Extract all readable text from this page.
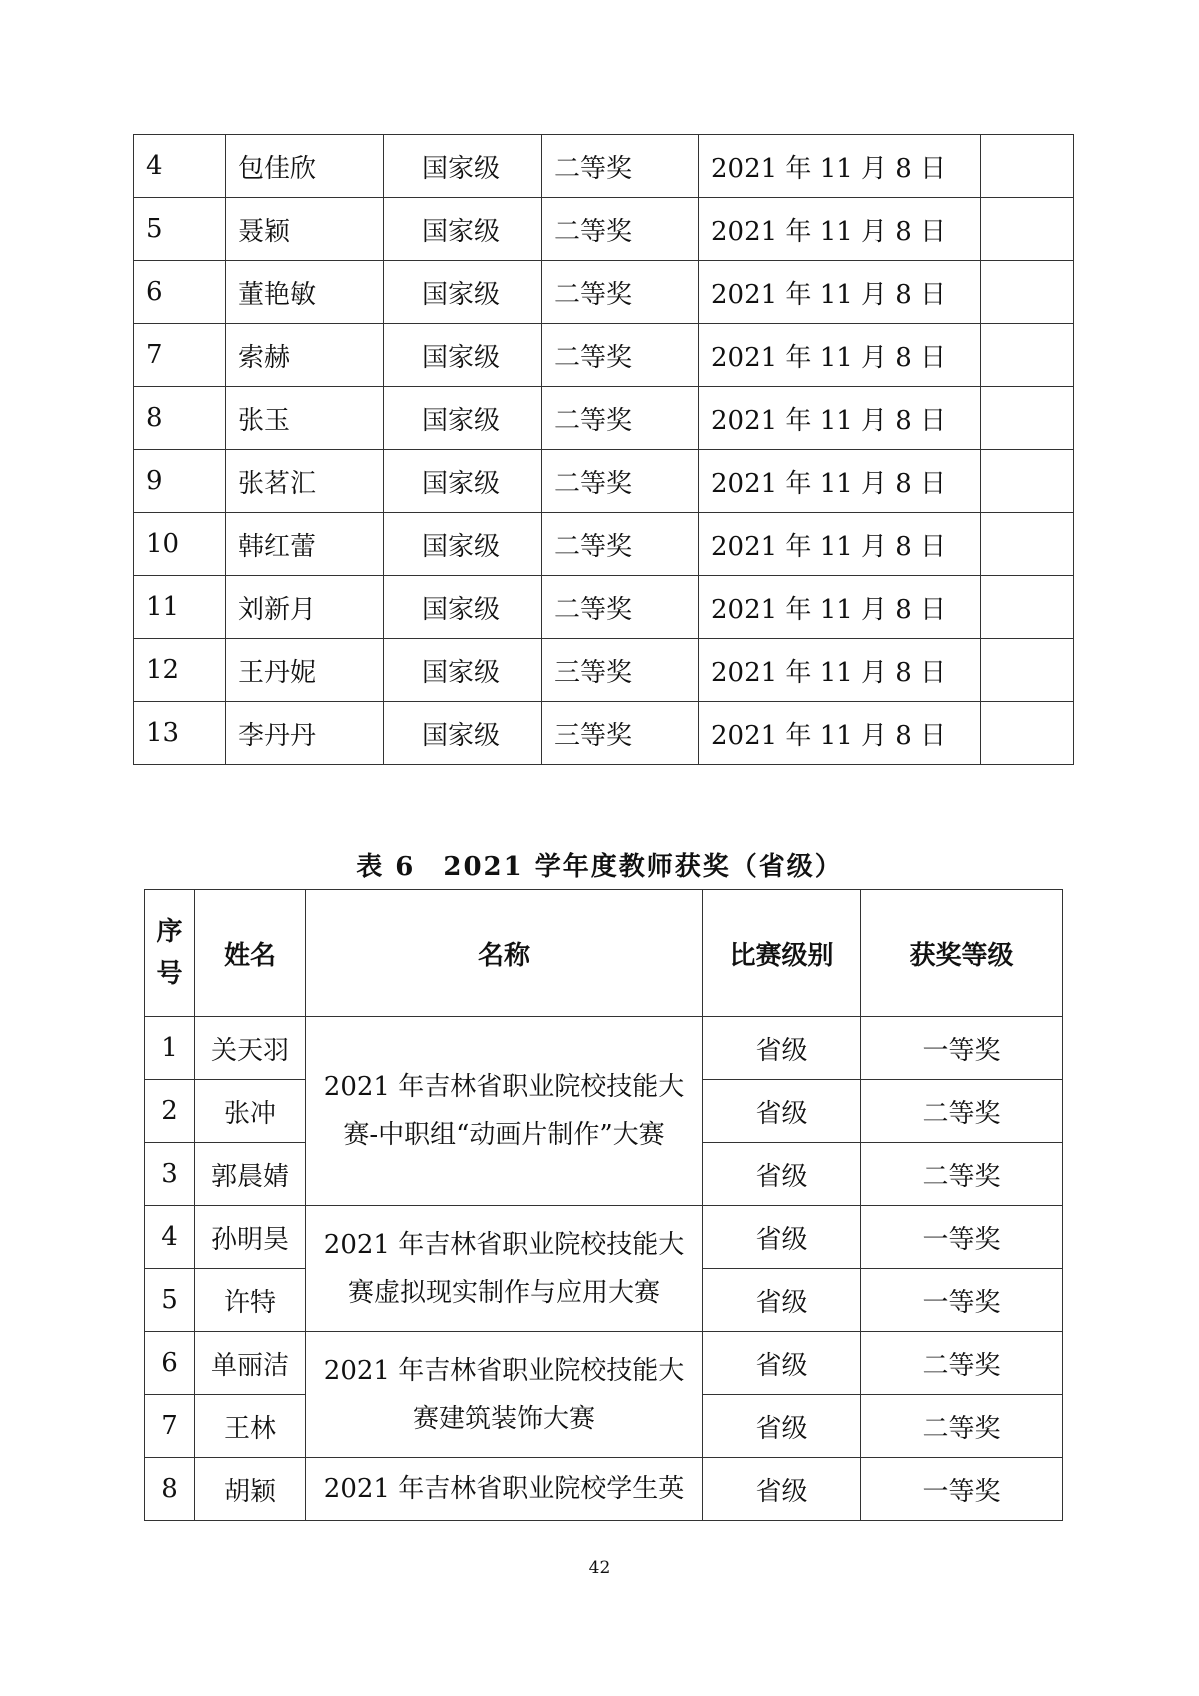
4	包佳欣	国家级	二等奖	2021 年 11 月 8 日	
5	聂颖	国家级	二等奖	2021 年 11 月 8 日	
6	董艳敏	国家级	二等奖	2021 年 11 月 8 日	
7	索赫	国家级	二等奖	2021 年 11 月 8 日	
8	张玉	国家级	二等奖	2021 年 11 月 8 日	
9	张茗汇	国家级	二等奖	2021 年 11 月 8 日	
10	韩红蕾	国家级	二等奖	2021 年 11 月 8 日	
11	刘新月	国家级	二等奖	2021 年 11 月 8 日	
12	王丹妮	国家级	三等奖	2021 年 11 月 8 日	
13	李丹丹	国家级	三等奖	2021 年 11 月 8 日	
表 6 2021 学年度教师获奖（省级）
序
号	姓名	名称	比赛级别	获奖等级
1	关天羽	2021 年吉林省职业院校技能大赛-中职组“动画片制作”大赛	省级	一等奖
2	张冲		省级	二等奖
3	郭晨婧		省级	二等奖
4	孙明昊	2021 年吉林省职业院校技能大赛虚拟现实制作与应用大赛	省级	一等奖
5	许特		省级	一等奖
6	单丽洁	2021 年吉林省职业院校技能大赛建筑装饰大赛	省级	二等奖
7	王林		省级	二等奖
8	胡颖	2021 年吉林省职业院校学生英	省级	一等奖
42
